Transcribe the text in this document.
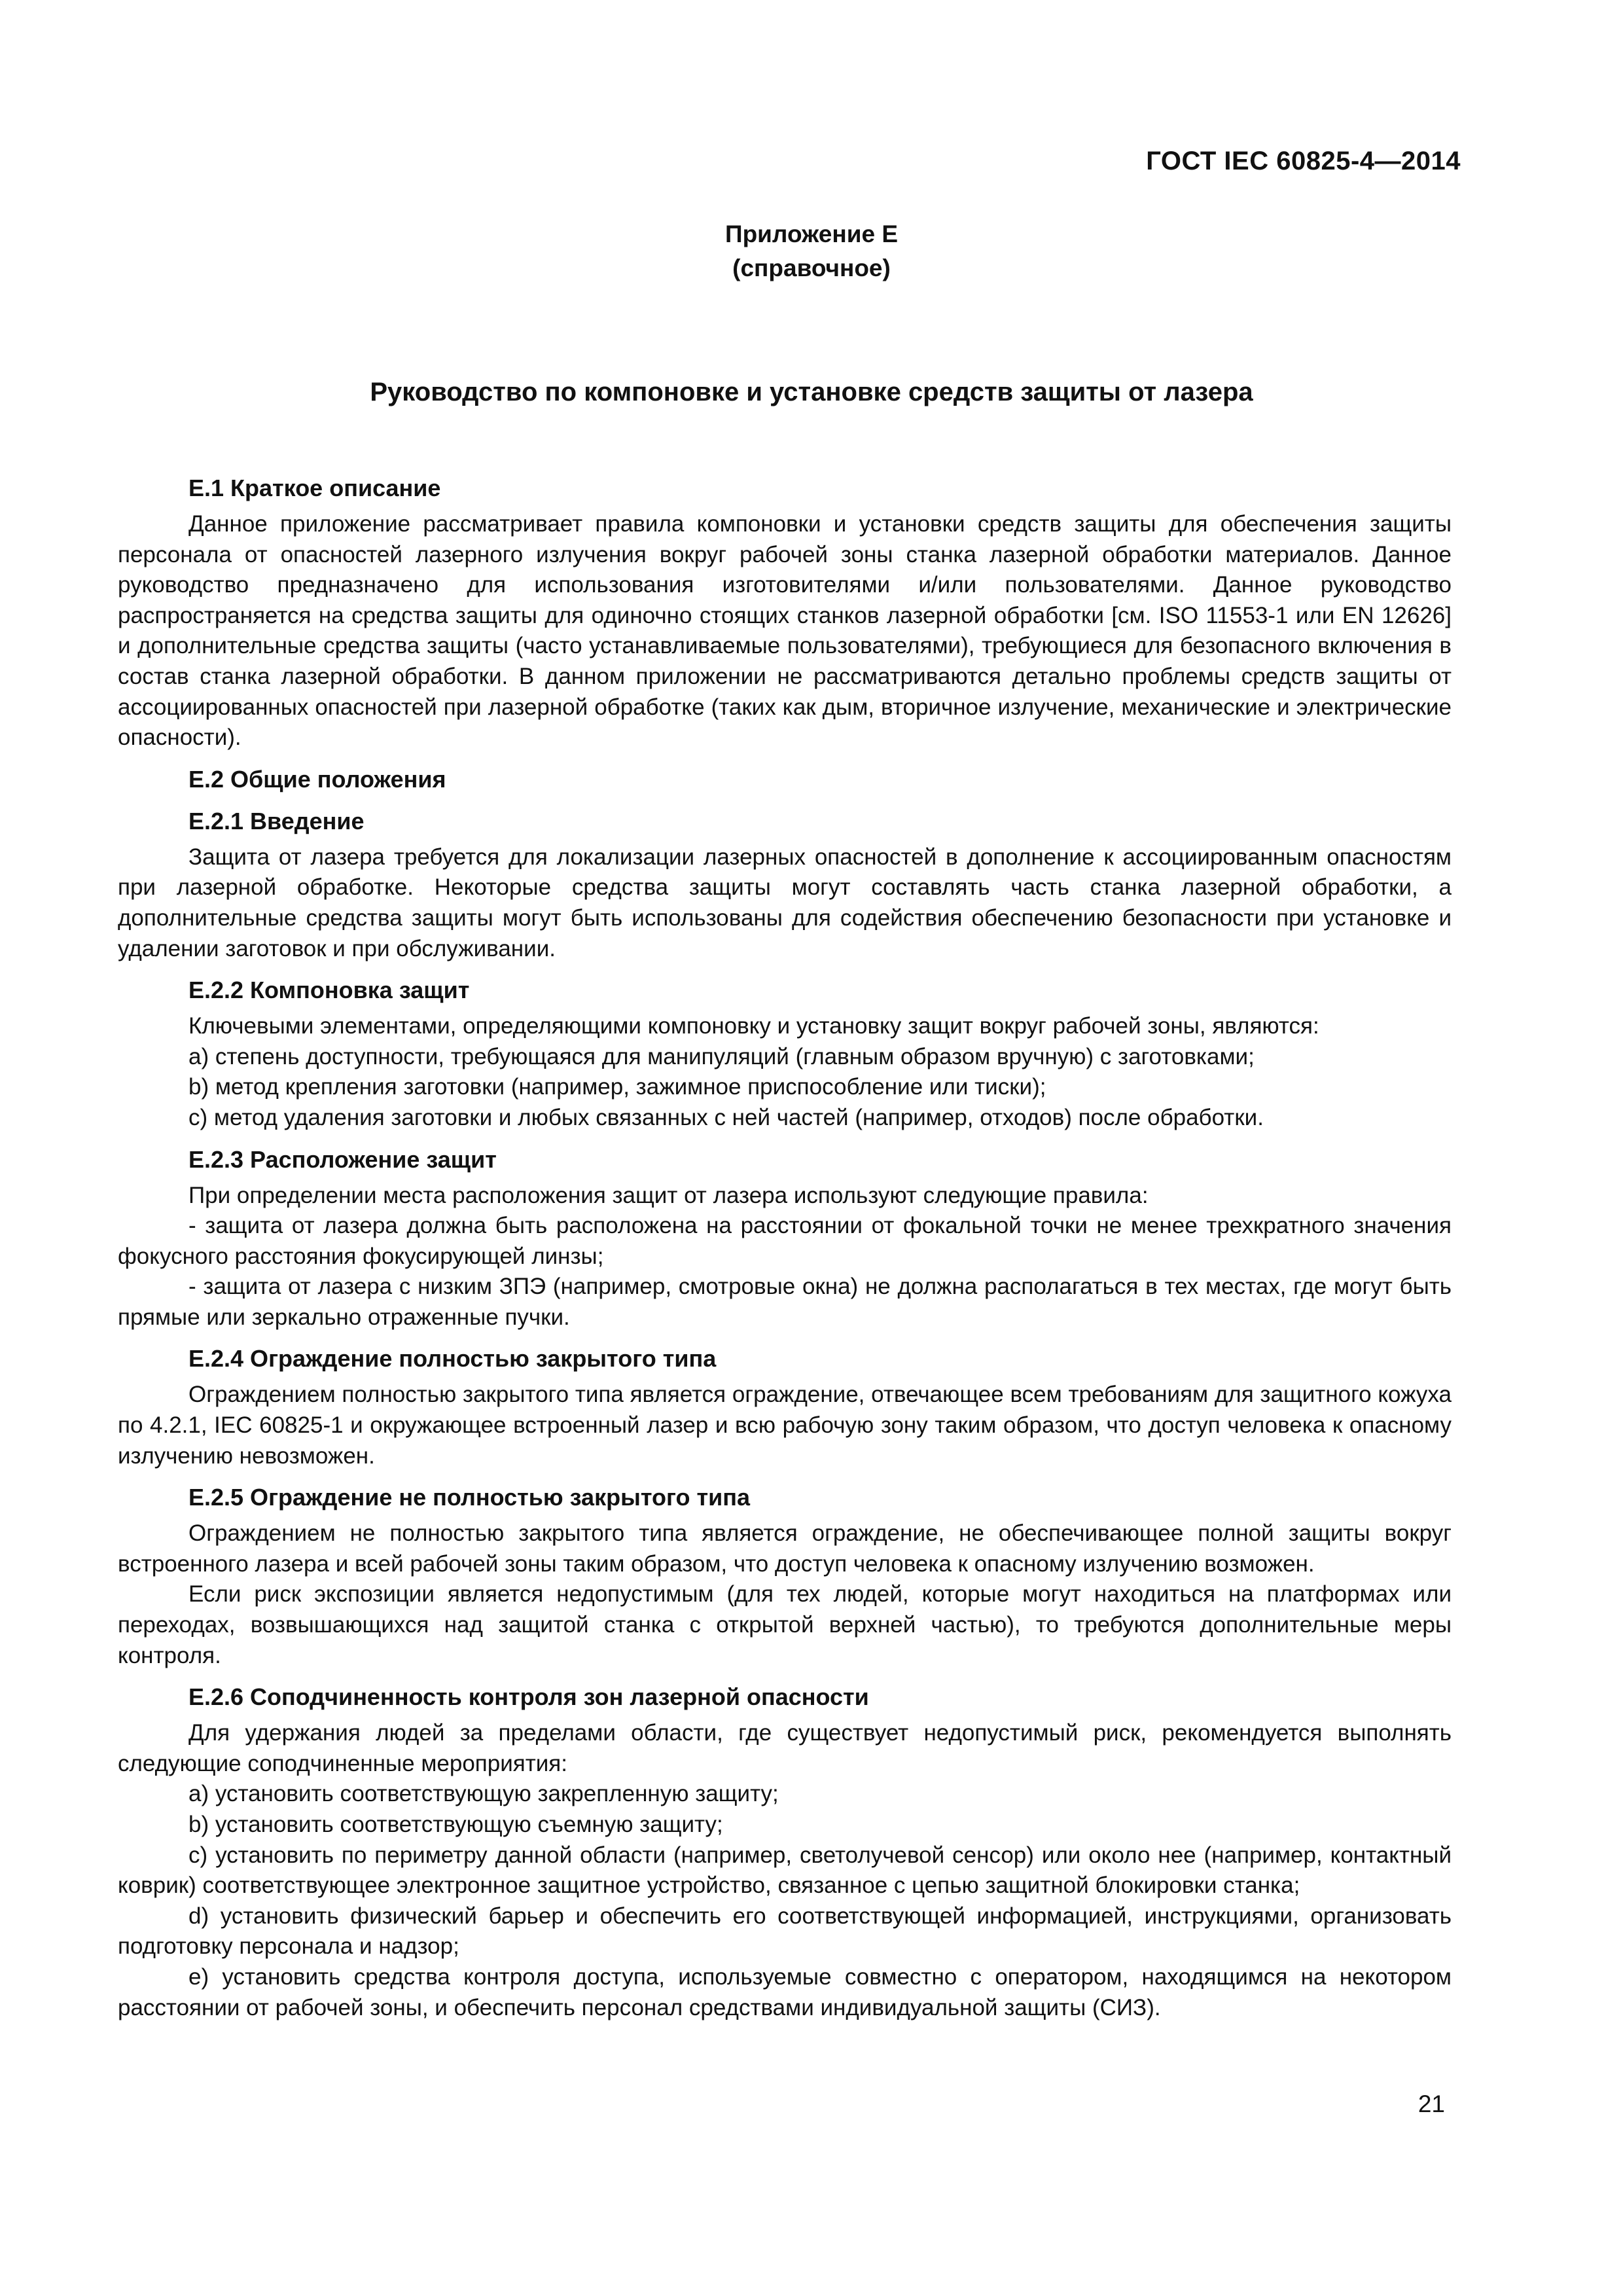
ГОСТ IEC 60825-4—2014
Приложение Е
(справочное)
Руководство по компоновке и установке средств защиты от лазера
Е.1 Краткое описание

Данное приложение рассматривает правила компоновки и установки средств защиты для обеспечения защиты персонала от опасностей лазерного излучения вокруг рабочей зоны станка лазерной обработки материалов. Данное руководство предназначено для использования изготовителями и/или пользователями. Данное руководство распространяется на средства защиты для одиночно стоящих станков лазерной обработки [см. ISO 11553-1 или EN 12626] и дополнительные средства защиты (часто устанавливаемые пользователями), требующиеся для безопасного включения в состав станка лазерной обработки. В данном приложении не рассматриваются детально проблемы средств защиты от ассоциированных опасностей при лазерной обработке (таких как дым, вторичное излучение, механические и электрические опасности).

Е.2 Общие положения
Е.2.1 Введение

Защита от лазера требуется для локализации лазерных опасностей в дополнение к ассоциированным опасностям при лазерной обработке. Некоторые средства защиты могут составлять часть станка лазерной обработки, а дополнительные средства защиты могут быть использованы для содействия обеспечению безопасности при установке и удалении заготовок и при обслуживании.

Е.2.2 Компоновка защит

Ключевыми элементами, определяющими компоновку и установку защит вокруг рабочей зоны, являются:

a) степень доступности, требующаяся для манипуляций (главным образом вручную) с заготовками;

b) метод крепления заготовки (например, зажимное приспособление или тиски);

c) метод удаления заготовки и любых связанных с ней частей (например, отходов) после обработки.

Е.2.3 Расположение защит

При определении места расположения защит от лазера используют следующие правила:

- защита от лазера должна быть расположена на расстоянии от фокальной точки не менее трехкратного значения фокусного расстояния фокусирующей линзы;

- защита от лазера с низким ЗПЭ (например, смотровые окна) не должна располагаться в тех местах, где могут быть прямые или зеркально отраженные пучки.

Е.2.4 Ограждение полностью закрытого типа

Ограждением полностью закрытого типа является ограждение, отвечающее всем требованиям для защитного кожуха по 4.2.1, IEC 60825-1 и окружающее встроенный лазер и всю рабочую зону таким образом, что доступ человека к опасному излучению невозможен.

Е.2.5 Ограждение не полностью закрытого типа

Ограждением не полностью закрытого типа является ограждение, не обеспечивающее полной защиты вокруг встроенного лазера и всей рабочей зоны таким образом, что доступ человека к опасному излучению возможен.

Если риск экспозиции является недопустимым (для тех людей, которые могут находиться на платформах или переходах, возвышающихся над защитой станка с открытой верхней частью), то требуются дополнительные меры контроля.

Е.2.6 Соподчиненность контроля зон лазерной опасности

Для удержания людей за пределами области, где существует недопустимый риск, рекомендуется выполнять следующие соподчиненные мероприятия:

a) установить соответствующую закрепленную защиту;

b) установить соответствующую съемную защиту;

c) установить по периметру данной области (например, светолучевой сенсор) или около нее (например, контактный коврик) соответствующее электронное защитное устройство, связанное с цепью защитной блокировки станка;

d) установить физический барьер и обеспечить его соответствующей информацией, инструкциями, организовать подготовку персонала и надзор;

e) установить средства контроля доступа, используемые совместно с оператором, находящимся на некотором расстоянии от рабочей зоны, и обеспечить персонал средствами индивидуальной защиты (СИЗ).

21
